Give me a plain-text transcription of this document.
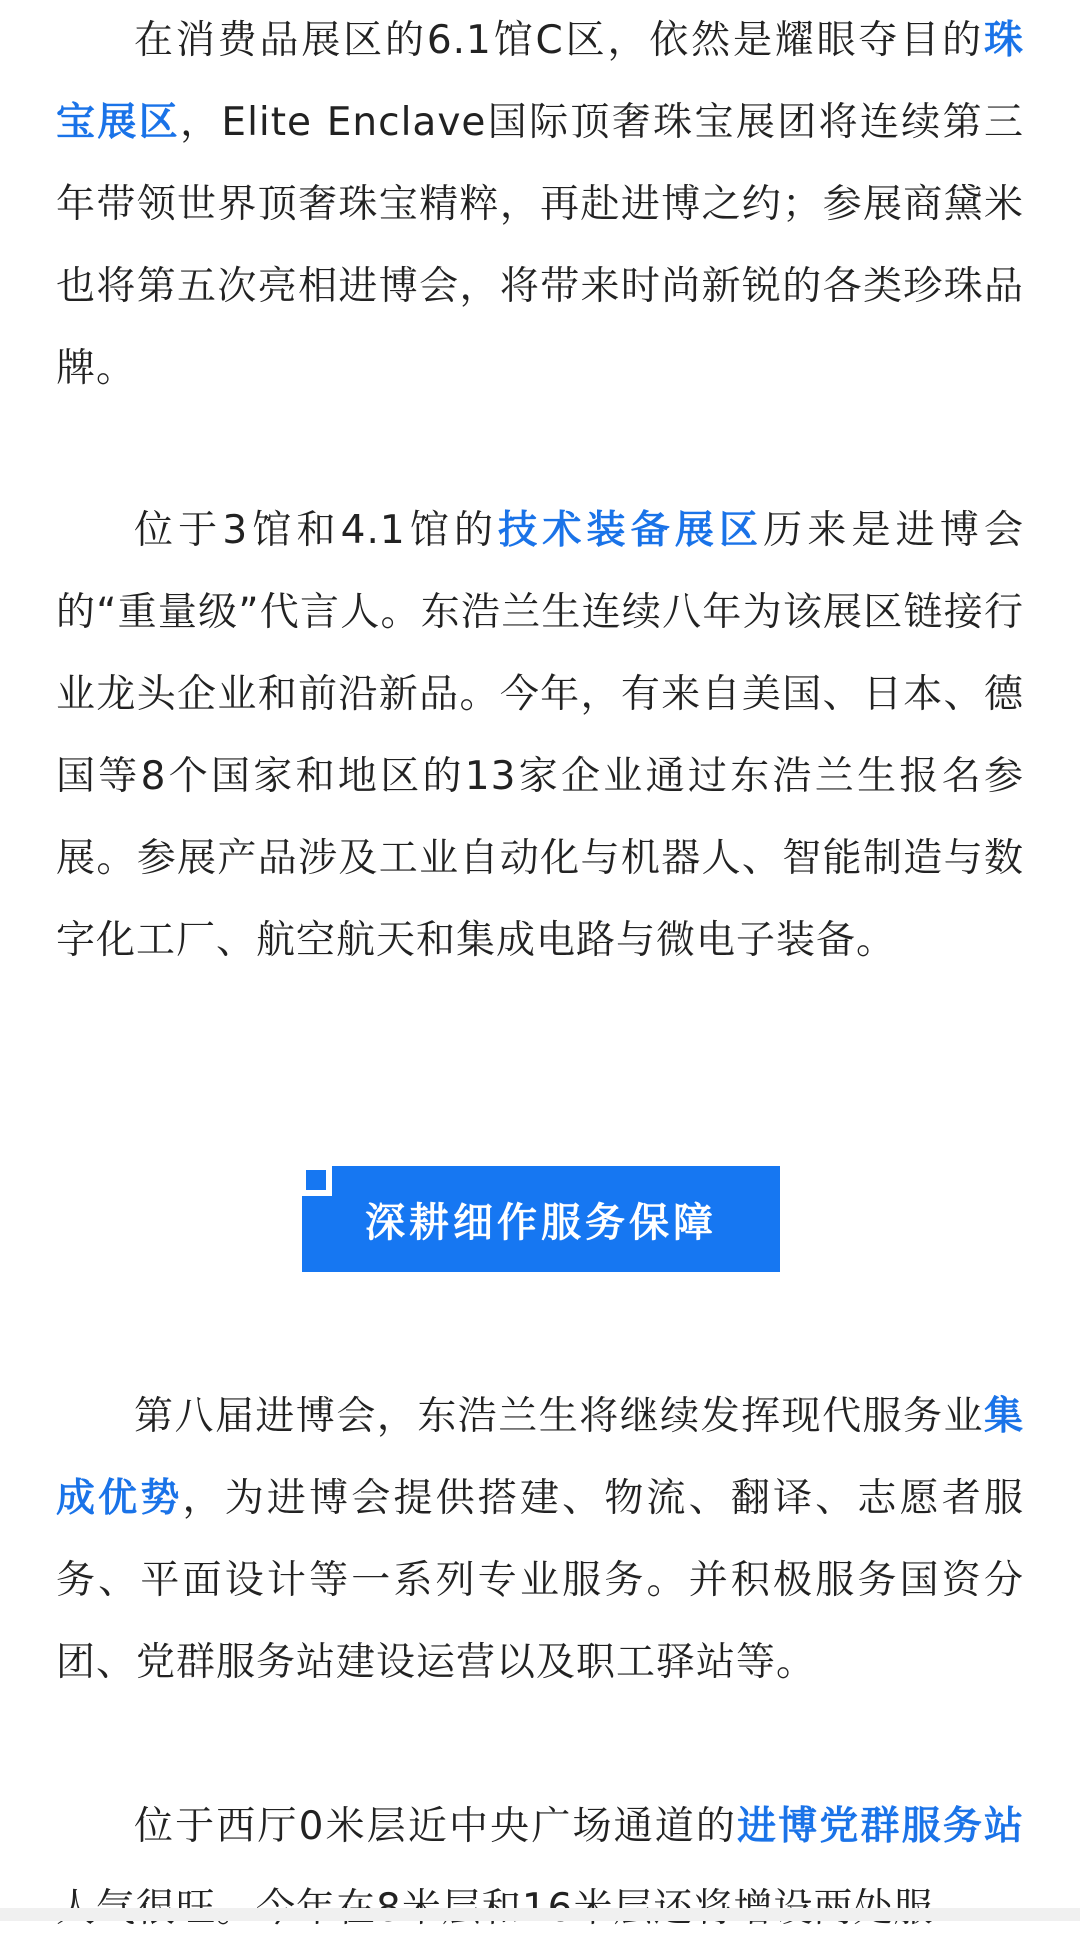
在消费品展区的6.1馆C区，依然是耀眼夺目的珠宝展区，Elite Enclave国际顶奢珠宝展团将连续第三年带领世界顶奢珠宝精粹，再赴进博之约；参展商黛米也将第五次亮相进博会，将带来时尚新锐的各类珍珠品牌。

位于3馆和4.1馆的技术装备展区历来是进博会的“重量级”代言人。东浩兰生连续八年为该展区链接行业龙头企业和前沿新品。今年，有来自美国、日本、德国等8个国家和地区的13家企业通过东浩兰生报名参展。参展产品涉及工业自动化与机器人、智能制造与数字化工厂、航空航天和集成电路与微电子装备。

第八届进博会，东浩兰生将继续发挥现代服务业集成优势，为进博会提供搭建、物流、翻译、志愿者服务、平面设计等一系列专业服务。并积极服务国资分团、党群服务站建设运营以及职工驿站等。

位于西厅0米层近中央广场通道的进博党群服务站

深耕细作服务保障
